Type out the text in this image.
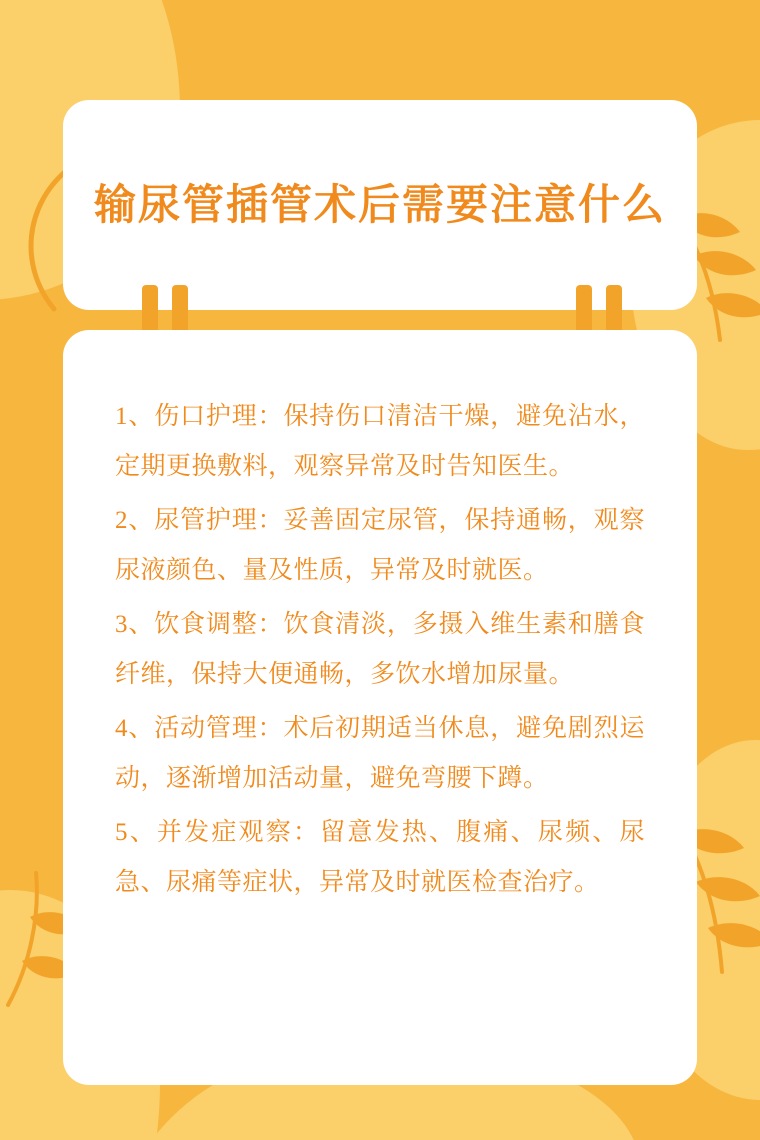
输尿管插管术后需要注意什么

1、伤口护理：保持伤口清洁干燥，避免沾水，定期更换敷料，观察异常及时告知医生。

2、尿管护理：妥善固定尿管，保持通畅，观察尿液颜色、量及性质，异常及时就医。

3、饮食调整：饮食清淡，多摄入维生素和膳食纤维，保持大便通畅，多饮水增加尿量。

4、活动管理：术后初期适当休息，避免剧烈运动，逐渐增加活动量，避免弯腰下蹲。

5、并发症观察：留意发热、腹痛、尿频、尿急、尿痛等症状，异常及时就医检查治疗。
